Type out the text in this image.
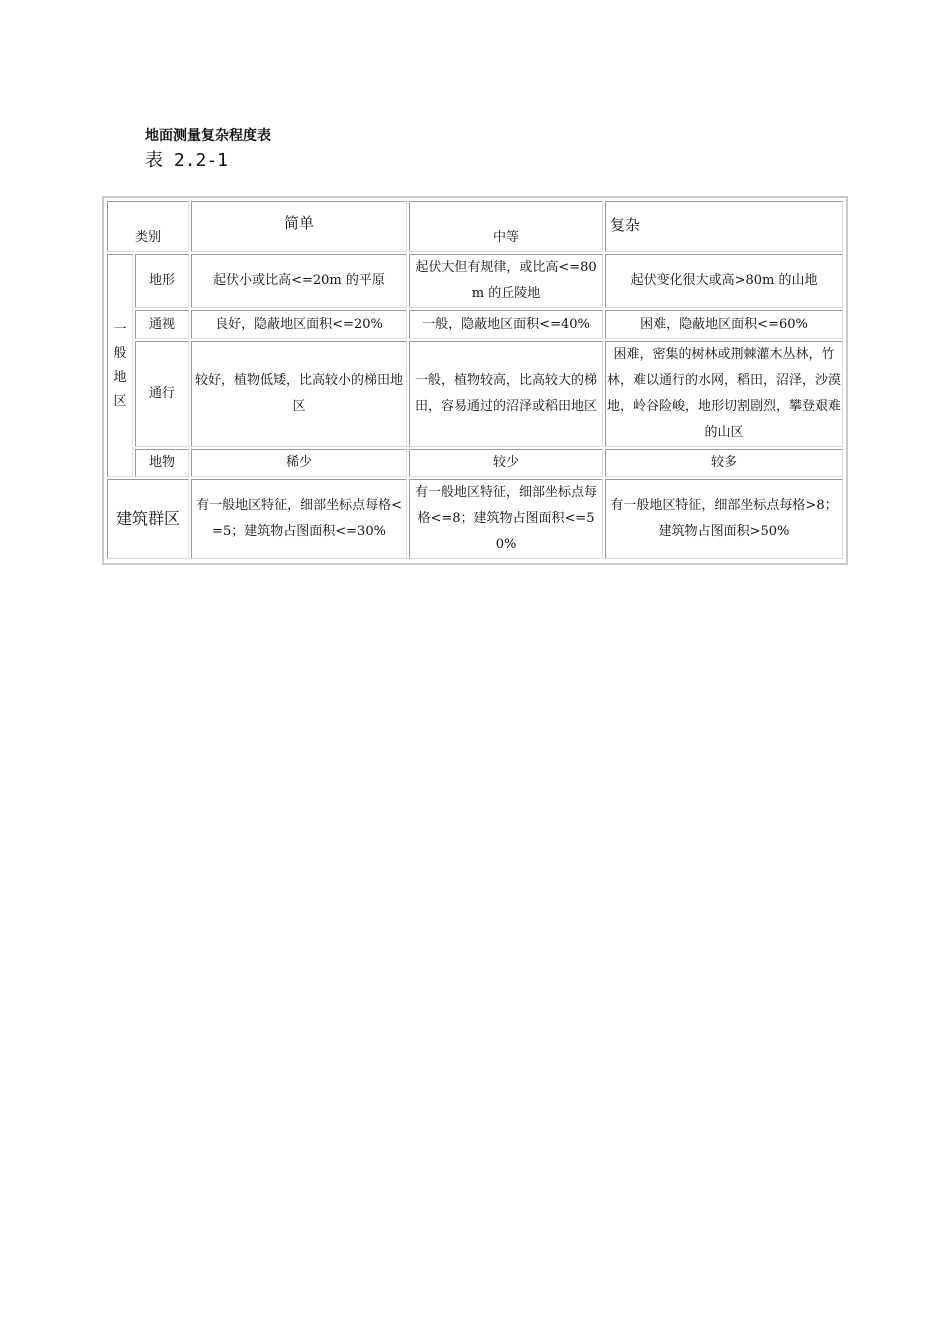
地面测量复杂程度表
表 2.2-1
类别		简单	中等	复杂

一
般
地
区	地形	起伏小或比高<=20m 的平原	起伏大但有规律，或比高<=80m 的丘陵地	起伏变化很大或高>80m 的山地
	通视	良好，隐蔽地区面积<=20%	一般，隐蔽地区面积<=40%	困难，隐蔽地区面积<=60%
	通行	较好，植物低矮，比高较小的梯田地区	一般，植物较高，比高较大的梯田，容易通过的沼泽或稻田地区	困难，密集的树林或荆棘灌木丛林，竹林，难以通行的水网，稻田，沼泽，沙漠地，岭谷险峻，地形切割剧烈，攀登艰难的山区
	地物	稀少	较少	较多
建筑群区		有一般地区特征，细部坐标点每格<=5；建筑物占图面积<=30%	有一般地区特征，细部坐标点每格<=8；建筑物占图面积<=50%	有一般地区特征，细部坐标点每格>8；建筑物占图面积>50%
